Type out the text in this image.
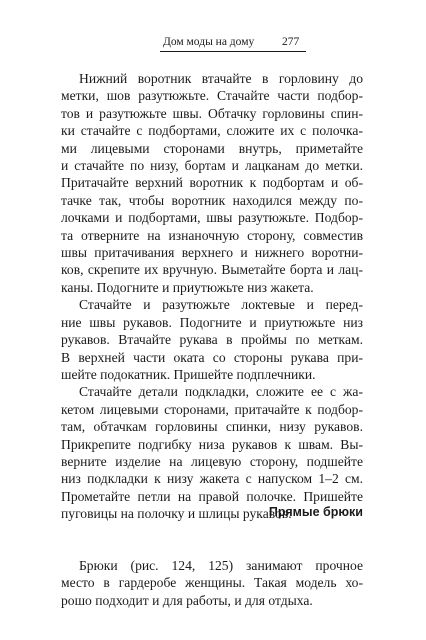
Дом моды на дому 277

Нижний воротник втачайте в горловину до
метки, шов разутюжьте. Стачайте части подбор-
тов и разутюжьте швы. Обтачку горловины спин-
ки стачайте с подбортами, сложите их с полочка-
ми лицевыми сторонами внутрь, приметайте
и стачайте по низу, бортам и лацканам до метки.
Притачайте верхний воротник к подбортам и об-
тачке так, чтобы воротник находился между по-
лочками и подбортами, швы разутюжьте. Подбор-
та отверните на изнаночную сторону, совместив
швы притачивания верхнего и нижнего воротни-
ков, скрепите их вручную. Выметайте борта и лац-
каны. Подогните и приутюжьте низ жакета.

Стачайте и разутюжьте локтевые и перед-
ние швы рукавов. Подогните и приутюжьте низ
рукавов. Втачайте рукава в проймы по меткам.
В верхней части оката со стороны рукава при-
шейте подокатник. Пришейте подплечники.

Стачайте детали подкладки, сложите ее с жа-
кетом лицевыми сторонами, притачайте к подбор-
там, обтачкам горловины спинки, низу рукавов.
Прикрепите подгибку низа рукавов к швам. Вы-
верните изделие на лицевую сторону, подшейте
низ подкладки к низу жакета с напуском 1–2 см.
Прометайте петли на правой полочке. Пришейте
пуговицы на полочку и шлицы рукавов.

Прямые брюки

Брюки (рис. 124, 125) занимают прочное
место в гардеробе женщины. Такая модель хо-
рошо подходит и для работы, и для отдыха.
